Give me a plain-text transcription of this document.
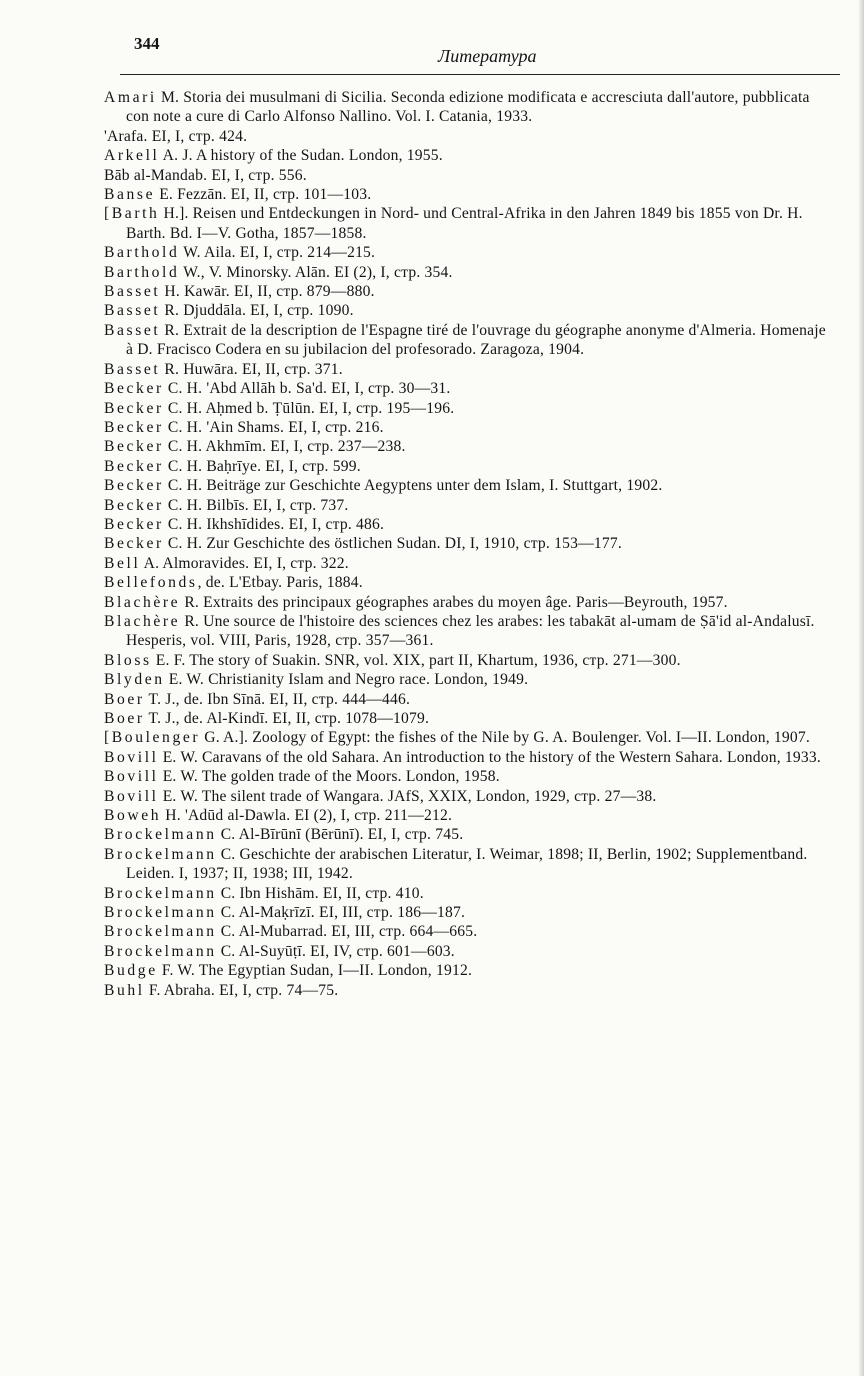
344
Литература

Amari M. Storia dei musulmani di Sicilia. Seconda edizione modificata e accresciuta dall'autore, pubblicata con note a cure di Carlo Alfonso Nallino. Vol. I. Catania, 1933.

'Arafa. EI, I, стр. 424.

Arkell A. J. A history of the Sudan. London, 1955.

Bāb al-Mandab. EI, I, стр. 556.

Banse E. Fezzān. EI, II, стр. 101—103.

[Barth H.]. Reisen und Entdeckungen in Nord- und Central-Afrika in den Jahren 1849 bis 1855 von Dr. H. Barth. Bd. I—V. Gotha, 1857—1858.

Barthold W. Aila. EI, I, стр. 214—215.

Barthold W., V. Minorsky. Alān. EI (2), I, стр. 354.

Basset H. Kawār. EI, II, стр. 879—880.

Basset R. Djuddāla. EI, I, стр. 1090.

Basset R. Extrait de la description de l'Espagne tiré de l'ouvrage du géographe anonyme d'Almeria. Homenaje à D. Fracisco Codera en su jubilacion del profesorado. Zaragoza, 1904.

Basset R. Huwāra. EI, II, стр. 371.

Becker C. H. 'Abd Allāh b. Sa'd. EI, I, стр. 30—31.

Becker C. H. Aḥmed b. Ṭūlūn. EI, I, стр. 195—196.

Becker C. H. 'Ain Shams. EI, I, стр. 216.

Becker C. H. Akhmīm. EI, I, стр. 237—238.

Becker C. H. Baḥrīye. EI, I, стр. 599.

Becker C. H. Beiträge zur Geschichte Aegyptens unter dem Islam, I. Stuttgart, 1902.

Becker C. H. Bilbīs. EI, I, стр. 737.

Becker C. H. Ikhshīdides. EI, I, стр. 486.

Becker C. H. Zur Geschichte des östlichen Sudan. DI, I, 1910, стр. 153—177.

Bell A. Almoravides. EI, I, стр. 322.

Bellefonds, de. L'Etbay. Paris, 1884.

Blachère R. Extraits des principaux géographes arabes du moyen âge. Paris—Beyrouth, 1957.

Blachère R. Une source de l'histoire des sciences chez les arabes: les tabakāt al-umam de Ṣā'id al-Andalusī. Hesperis, vol. VIII, Paris, 1928, стр. 357—361.

Bloss E. F. The story of Suakin. SNR, vol. XIX, part II, Khartum, 1936, стр. 271—300.

Blyden E. W. Christianity Islam and Negro race. London, 1949.

Boer T. J., de. Ibn Sīnā. EI, II, стр. 444—446.

Boer T. J., de. Al-Kindī. EI, II, стр. 1078—1079.

[Boulenger G. A.]. Zoology of Egypt: the fishes of the Nile by G. A. Boulenger. Vol. I—II. London, 1907.

Bovill E. W. Caravans of the old Sahara. An introduction to the history of the Western Sahara. London, 1933.

Bovill E. W. The golden trade of the Moors. London, 1958.

Bovill E. W. The silent trade of Wangara. JAfS, XXIX, London, 1929, стр. 27—38.

Boweh H. 'Adūd al-Dawla. EI (2), I, стр. 211—212.

Brockelmann C. Al-Bīrūnī (Bērūnī). EI, I, стр. 745.

Brockelmann C. Geschichte der arabischen Literatur, I. Weimar, 1898; II, Berlin, 1902; Supplementband. Leiden. I, 1937; II, 1938; III, 1942.

Brockelmann C. Ibn Hishām. EI, II, стр. 410.

Brockelmann C. Al-Maḳrīzī. EI, III, стр. 186—187.

Brockelmann C. Al-Mubarrad. EI, III, стр. 664—665.

Brockelmann C. Al-Suyūṭī. EI, IV, стр. 601—603.

Budge F. W. The Egyptian Sudan, I—II. London, 1912.

Buhl F. Abraha. EI, I, стр. 74—75.
